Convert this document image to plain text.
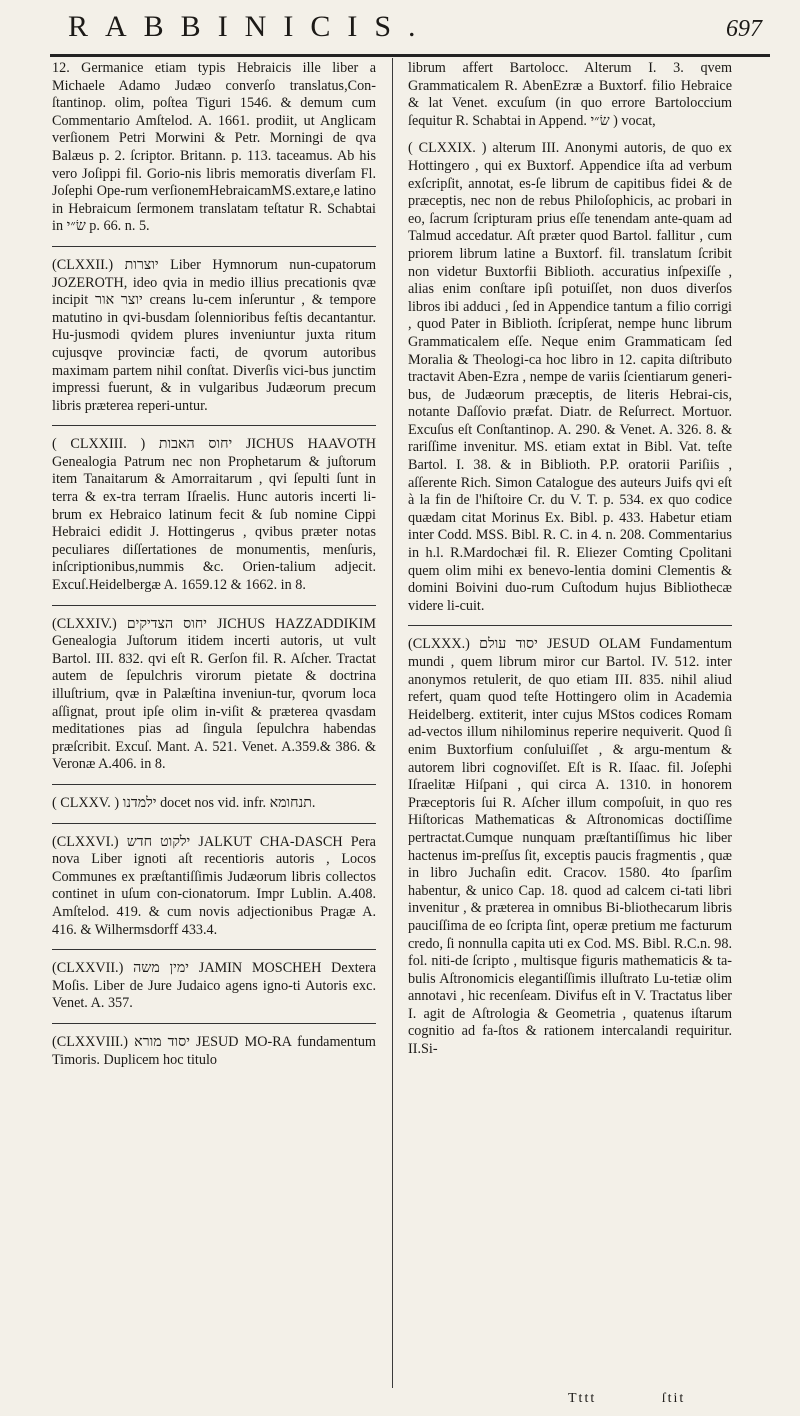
RABBINICIS.	697

12. Germanice etiam typis Hebraicis ille liber a Michaele Adamo Judæo converſo translatus,Con-ſtantinop. olim, poſtea Tiguri 1546. & demum cum Commentario Amſtelod. A. 1661. prodiit, ut Anglicam verſionem Petri Morwini & Petr. Morningi de qva Balæus p. 2. ſcriptor. Britann. p. 113. taceamus. Ab his vero Joſippi fil. Gorio-nis libris memoratis diverſam Fl. Joſephi Ope-rum verſionemHebraicamMS.extare,e latino in Hebraicum ſermonem translatam teſtatur R. Schabtai in שׂ״י p. 66. n. 5.

(CLXXII.) יוצרות Liber Hymnorum nun-cupatorum JOZEROTH, ideo qvia in medio illius precationis qvæ incipit יוצר אור creans lu-cem inſeruntur , & tempore matutino in qvi-busdam ſolennioribus feſtis decantantur. Hu-jusmodi qvidem plures inveniuntur juxta ritum cujusqve provinciæ facti, de qvorum autoribus maximam partem nihil conſtat. Diverſis vici-bus junctim impressi fuerunt, & in vulgaribus Judæorum precum libris præterea reperi-untur.

( CLXXIII. ) יחוס האבות JICHUS HAAVOTH Genealogia Patrum nec non Prophetarum & juſtorum item Tanaitarum & Amorraitarum , qvi ſepulti ſunt in terra & ex-tra terram Iſraelis. Hunc autoris incerti li-brum ex Hebraico latinum fecit & ſub nomine Cippi Hebraici edidit J. Hottingerus , qvibus præter notas peculiares diſſertationes de monumentis, menſuris, inſcriptionibus,nummis &c. Orien-talium adjecit. Excuſ.Heidelbergæ A. 1659.12 & 1662. in 8.

(CLXXIV.) יחוס הצדיקים JICHUS HAZZADDIKIM Genealogia Juſtorum itidem incerti autoris, ut vult Bartol. III. 832. qvi eſt R. Gerſon fil. R. Aſcher. Tractat autem de ſepulchris virorum pietate & doctrina illuſtrium, qvæ in Palæſtina inveniun-tur, qvorum loca aſſignat, prout ipſe olim in-viſit & præterea qvasdam meditationes pias ad ſingula ſepulchra habendas præſcribit. Excuſ. Mant. A. 521. Venet. A.359.& 386. & Veronæ A.406. in 8.

( CLXXV. ) ילמדנו docet nos vid. infr. תנחומא.

(CLXXVI.) ילקוט חדש JALKUT CHA-DASCH Pera nova Liber ignoti aſt recentioris autoris , Locos Communes ex præſtantiſſimis Judæorum libris collectos continet in uſum con-cionatorum. Impr Lublin. A.408. Amſtelod. 419. & cum novis adjectionibus Pragæ A. 416. & Wilhermsdorff 433.4.

(CLXXVII.) ימין משה JAMIN MOSCHEH Dextera Moſis. Liber de Jure Judaico agens igno-ti Autoris exc. Venet. A. 357.

(CLXXVIII.) יסוד מורא JESUD MO-RA fundamentum Timoris. Duplicem hoc titulo

librum affert Bartolocc. Alterum I. 3. qvem Grammaticalem R. AbenEzræ a Buxtorf. filio Hebraice & lat Venet. excuſum (in quo errore Bartoloccium ſequitur R. Schabtai in Append. שׂ״י ) vocat,

( CLXXIX. ) alterum III. Anonymi autoris, de quo ex Hottingero , qui ex Buxtorf. Appendice iſta ad verbum exſcripſit, annotat, es-ſe librum de capitibus fidei & de præceptis, nec non de rebus Philoſophicis, ac probari in eo, ſacrum ſcripturam prius eſſe tenendam ante-quam ad Talmud accedatur. Aſt præter quod Bartol. fallitur , cum priorem librum latine a Buxtorf. fil. translatum ſcribit non videtur Buxtorfii Biblioth. accuratius inſpexiſſe , alias enim conſtare ipſi potuiſſet, non duos diverſos libros ibi adduci , ſed in Appendice tantum a filio corrigi , quod Pater in Biblioth. ſcripſerat, nempe hunc librum Grammaticalem eſſe. Neque enim Grammaticam ſed Moralia & Theologi-ca hoc libro in 12. capita diſtributo tractavit Aben-Ezra , nempe de variis ſcientiarum generi-bus, de Judæorum præceptis, de literis Hebrai-cis, notante Daſſovio præfat. Diatr. de Reſurrect. Mortuor. Excuſus eſt Conſtantinop. A. 290. & Venet. A. 326. 8. & rariſſime invenitur. MS. etiam extat in Bibl. Vat. teſte Bartol. I. 38. & in Biblioth. P.P. oratorii Pariſiis , aſſerente Rich. Simon Catalogue des auteurs Juifs qvi eſt à la fin de l'hiſtoire Cr. du V. T. p. 534. ex quo codice quædam citat Morinus Ex. Bibl. p. 433. Habetur etiam inter Codd. MSS. Bibl. R. C. in 4. n. 208. Commentarius in h.l. R.Mardochæi fil. R. Eliezer Comting Cpolitani quem olim mihi ex benevo-lentia domini Clementis & domini Boivini duo-rum Cuſtodum hujus Bibliothecæ videre li-cuit.

(CLXXX.) יסוד עולם JESUD OLAM Fundamentum mundi , quem librum miror cur Bartol. IV. 512. inter anonymos retulerit, de quo etiam III. 835. nihil aliud refert, quam quod teſte Hottingero olim in Academia Heidelberg. extiterit, inter cujus MStos codices Romam ad-vectos illum nihilominus reperire nequiverit. Quod ſi enim Buxtorfium conſuluiſſet , & argu-mentum & autorem libri cognoviſſet. Eſt is R. Iſaac. fil. Joſephi Iſraelitæ Hiſpani , qui circa A. 1310. in honorem Præceptoris ſui R. Aſcher illum compoſuit, in quo res Hiſtoricas Mathematicas & Aſtronomicas doctiſſime pertractat.Cumque nunquam præſtantiſſimus hic liber hactenus im-preſſus ſit, exceptis paucis fragmentis , quæ in libro Juchaſin edit. Cracov. 1580. 4to ſparſim habentur, & unico Cap. 18. quod ad calcem ci-tati libri invenitur , & præterea in omnibus Bi-bliothecarum libris pauciſſima de eo ſcripta ſint, operæ pretium me facturum credo, ſi nonnulla capita uti ex Cod. MS. Bibl. R.C.n. 98. fol. niti-de ſcripto , multisque figuris mathematicis & ta-bulis Aſtronomicis elegantiſſimis illuſtrato Lu-tetiæ olim annotavi , hic recenſeam. Divifus eſt in V. Tractatus liber I. agit de Aſtrologia & Geometria , quatenus iſtarum cognitio ad fa-ſtos & rationem intercalandi requiritur. II.Si-

Tttt	ſtit
